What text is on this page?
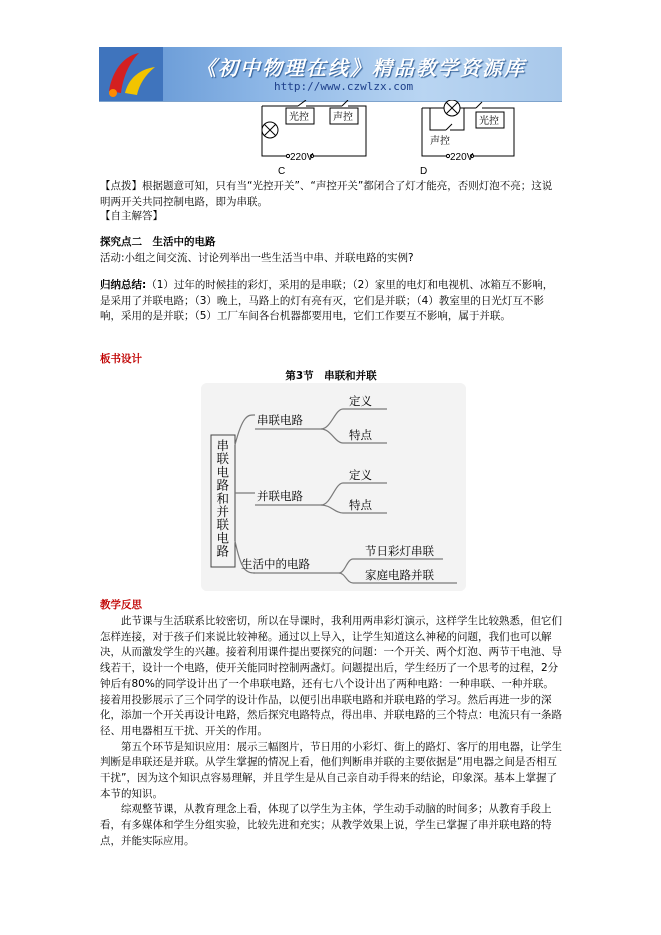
《初中物理在线》精品教学资源库
http://www.czwlzx.com
光控 声控
220V
C
声控
光控
220V
D
【点拨】根据题意可知，只有当“光控开关”、“声控开关”都闭合了灯才能亮，否则灯泡不亮；这说明两开关共同控制电路，即为串联。
【自主解答】
探究点二　生活中的电路
活动:小组之间交流、讨论列举出一些生活当中串、并联电路的实例?
归纳总结:（1）过年的时候挂的彩灯，采用的是串联；（2）家里的电灯和电视机、冰箱互不影响，是采用了并联电路；（3）晚上，马路上的灯有亮有灭，它们是并联；（4）教室里的日光灯互不影响，采用的是并联；（5）工厂车间各台机器都要用电，它们工作要互不影响，属于并联。
板书设计
第3节　串联和并联
串联电路和并联电路
串联电路
并联电路
生活中的电路
定义
特点
定义
特点
节日彩灯串联
家庭电路并联
教学反思

此节课与生活联系比较密切，所以在导课时，我利用两串彩灯演示，这样学生比较熟悉，但它们怎样连接，对于孩子们来说比较神秘。通过以上导入，让学生知道这么神秘的问题，我们也可以解决，从而激发学生的兴趣。接着利用课件提出要探究的问题：一个开关、两个灯泡、两节干电池、导线若干，设计一个电路，使开关能同时控制两盏灯。问题提出后，学生经历了一个思考的过程，2分钟后有80%的同学设计出了一个串联电路，还有七八个设计出了两种电路：一种串联、一种并联。接着用投影展示了三个同学的设计作品，以便引出串联电路和并联电路的学习。然后再进一步的深化，添加一个开关再设计电路，然后探究电路特点，得出串、并联电路的三个特点：电流只有一条路径、用电器相互干扰、开关的作用。

第五个环节是知识应用：展示三幅图片，节日用的小彩灯、街上的路灯、客厅的用电器，让学生判断是串联还是并联。从学生掌握的情况上看，他们判断串并联的主要依据是“用电器之间是否相互干扰”，因为这个知识点容易理解，并且学生是从自己亲自动手得来的结论，印象深。基本上掌握了本节的知识。

综观整节课，从教育理念上看，体现了以学生为主体，学生动手动脑的时间多；从教育手段上看，有多媒体和学生分组实验，比较先进和充实；从教学效果上说，学生已掌握了串并联电路的特点，并能实际应用。
